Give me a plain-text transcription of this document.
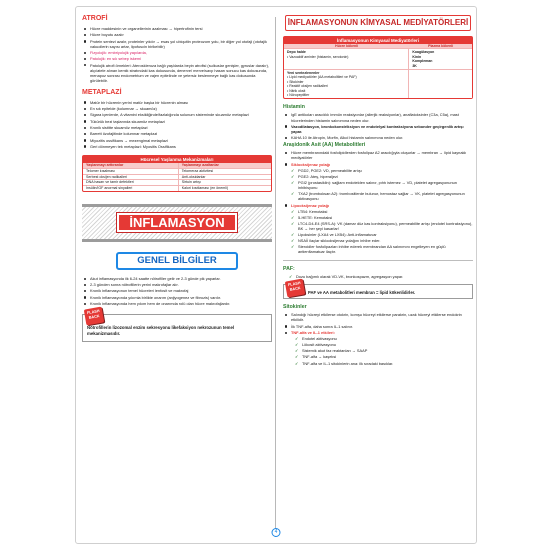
ATROFİ
Hücre maddesinin ve organellerinin azalması → hipertrofinin tersi
Hücre boyutu azalır
Protein sentezi azalır, proteinler yıkılır → esas yol ubiquitin proteozom yolu, bir diğer yol otofaji (otofajik vakuollerin sayısı artar, lipofuscin birikebilir)
Fizyolojik: embriyolojik yapılarda,
Patolojik: en sık sebep iskemi
Patolojik atrofi örnekleri: Aterosklerozа bağlı yaşlılarda beyin atrofisi (sulkuslar genişler, gyruslar daralır), alçı/atele alınan kemik stratındaki kas dokusunda, denerve/ merve/savp hasarı sonucu kas dokusunda, menapoz sonrası endometrium ve vajen epitelinde ve yetersiz beslenmeye bağlı kas dokusunda görülebilir.
METAPLAZİ
Matür bir hücrenin yerini matür başka bir hücrenin alması
En sık epitelde (kolumnar → skuamöz)
Sigara içenlerde, A vitamini eksikliğinde/fazlalığında solunum sisteminde skuamöz metaplazi
Tükürük bezi taşlarında skuamöz metaplazi
Kronik sistitte skuamöz metaplazi
Barrett özofajitinde kolumnar metaplazi
Miyozitis ossifikans → mezengimal metaplazi
Geri dönmeyen tek metaplazi: Myositis Ossifikans
Hücresel Yaşlanma Mekanizmaları
Yaşlanmayı arttıranlar	Yaşlanmayı azaltanlar
Telomer kısalması	Telomeraz aktivitesi
Serbest oksijen radikalleri	Anti-oksidanlar
DNA hasarı ve tamir defektleri	Sirtuin artışı
İnsülin/IGF anormal sinyalleri	Kalori kısıtlaması (en önemli)
İNFLAMASYON
GENEL BİLGİLER
Akut inflamasyonda ilk 6-24 saatte nötrofiller gelir ve 2-3 günde pik yaparlar.
2-3 günden sonra nötrofillerin yerini makrofajlar alır.
Kronik inflamasyonun temel hücreleri lenfosit ve makrofaj
Kronik inflamasyonda yıkımla birlikte onarım (anjiyogenez ve fibrozis) vardır.
Kronik inflamasyonda hem yıkım hem de onarımda rolü olan hücre makrofajlardır.
FLASH BACK
Nötrofillerin lizozomal enzim sekresyonu likefaksiyon nekrozunun temel mekanizmasıdır.
İNFLAMASYONUN KİMYASAL MEDİYATÖRLERİ
İnflamasyonun Kimyasal Mediyatörleri
Hücre kökenli	Plazma kökenli
Depo halde
• Vazoaktif aminler (histamin, serotonin)
Koagülasyon
Kinin
Kompleman
3K
Yeni sentezlenenler
• Lipid mediyatörler (AA metabolitleri ve PAF)
• Sitokinler
• Reaktif oksijen radikalleri
• Nitrik oksit
• Nöropeptitler
Histamin
IgE antikoları aracılıklı immün reaksiyonlar (allerjik reaksiyonlar), anaflatoksinler (C3a, C5a), mast hücrelerinden histamin salınımına neden olur.
Vazodilatasyon, bronkokonstriksiyon ve endotelyal kontraksiyona sebonder geçirgenlik artışı yapar.
KAHA 10 ile Atropin, Morfin, Alkol histamin salınımına neden olur.
Araşidonik Asit (AA) Metabolitleri
Hücre membranındaki fosfolipidlerden fosfolipaz A2 aracılığıyla oluşurlar → membran → lipid kaynaklı mediyatörler
Siklooksijenaz yolağı
✓ PGD2, PGE2: VD, permeabilite artışı
✓ PGE2: Ateş, hiperaljezi
✓ PGI2 (prostasiklin): sağlam endotelden salınır, pıhtı istemez → VD, platelet agregasyonunun inhibisyonu
✓ TXA2 (tromboksan A2): trombositlerde bulunur, hemostaz sağlar → VK, platelet agregasyonunun aktivasyonu
Lipooksijenaz yolağı
✓ LTB4: Kemotaksi
✓ 5-HETE: Kemotaksi
✓ LTC4-D4-E4 (SRS-A): VK (damar düz kas kontraksiyonu), permeabilite artışı (endotel kontraksiyonu), BK → her şeyi kasarlar!
✓ Lipoksinler (LXA4 ve LXB4): Anti-inflamatuvar
✓ NSAİİ ilaçlar siklooksijenaz yolağını inhibe eder.
✓ Steroidler fosfolipazları inhibe ederek membrandan AA salınımını engelleyen en güçlü antienflamatuar ilaçtır.
PAF:
✓ Dozu bağımlı olarak VD-VK, bronkospazm, agregasyon yapar.
FLASH BACK
PAF ve AA metabolitleri membran = lipid kökenlidirler.
Sitokinler
Salındığı hücreyi etkilerse otokrin, komşu hücreyi etkilerse parakrin, uzak hücreyi etkilerse endokrin etkilidir.
İlk TNF-alfa, daha sonra IL-1 salınır.
TNF-alfa ve IL-1 etkileri:
✓ Endotel aktivasyonu
✓ Lökosit aktivasyonu
✓ Sistemik akut faz reaktanları → SAAP
✓ TNF-alfa → kaşeksi
✓ TNF-alfa ve IL-1 sitokinlerin ana: ilk sıradaki basıklar.
4
